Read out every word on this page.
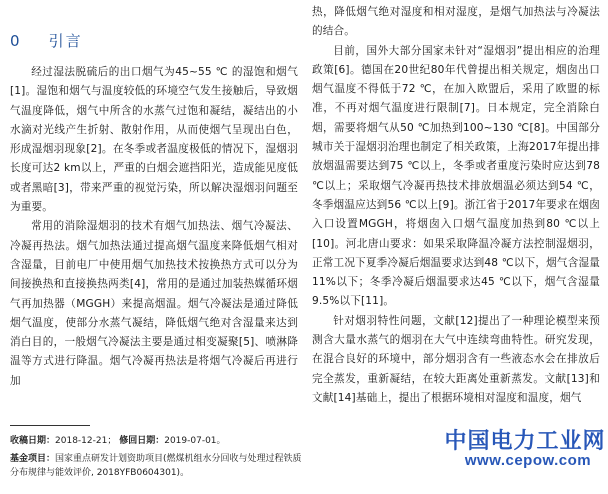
0 引言

经过湿法脱硫后的出口烟气为45~55 ℃ 的湿饱和烟气[1]。湿饱和烟气与温度较低的环境空气发生接触后，导致烟气温度降低，烟气中所含的水蒸气过饱和凝结，凝结出的小水滴对光线产生折射、散射作用，从而使烟气呈现出白色，形成湿烟羽现象[2]。在冬季或者温度极低的情况下，湿烟羽长度可达2 km以上，严重的白烟会遮挡阳光，造成能见度低或者黑暗[3]，带来严重的视觉污染，所以解决湿烟羽问题至为重要。

常用的消除湿烟羽的技术有烟气加热法、烟气冷凝法、冷凝再热法。烟气加热法通过提高烟气温度来降低烟气相对含湿量，目前电厂中使用烟气加热技术按换热方式可以分为间接换热和直接换热两类[4]，常用的是通过加装热媒循环烟气再加热器（MGGH）来提高烟温。烟气冷凝法是通过降低烟气温度，使部分水蒸气凝结，降低烟气绝对含湿量来达到消白目的，一般烟气冷凝法主要是通过相变凝聚[5]、喷淋降温等方式进行降温。烟气冷凝再热法是将烟气冷凝后再进行加

热，降低烟气绝对湿度和相对湿度，是烟气加热法与冷凝法的结合。

目前，国外大部分国家未针对“湿烟羽”提出相应的治理政策[6]。德国在20世纪80年代曾提出相关规定，烟囱出口烟气温度不得低于72 ℃，在加入欧盟后，采用了欧盟的标准，不再对烟气温度进行限制[7]。日本规定，完全消除白烟，需要将烟气从50 ℃加热到100~130 ℃[8]。中国部分城市关于湿烟羽治理也制定了相关政策，上海2017年提出排放烟温需要达到75 ℃以上，冬季或者重度污染时应达到78 ℃以上；采取烟气冷凝再热技术排放烟温必须达到54 ℃，冬季烟温应达到56 ℃以上[9]。浙江省于2017年要求在烟囱入口设置MGGH，将烟囱入口烟气温度加热到80 ℃以上[10]。河北唐山要求：如果采取降温冷凝方法控制湿烟羽，正常工况下夏季冷凝后烟温要求达到48 ℃以下，烟气含湿量11%以下；冬季冷凝后烟温要求达45 ℃以下，烟气含湿量9.5%以下[11]。

针对烟羽特性问题，文献[12]提出了一种理论模型来预测含大量水蒸气的烟羽在大气中连续弯曲特性。研究发现，在混合良好的环境中，部分烟羽含有一些液态水会在排放后完全蒸发，重新凝结，在较大距离处重新蒸发。文献[13]和文献[14]基础上，提出了根据环境相对湿度和温度，烟气

收稿日期：2018-12-21； 修回日期：2019-07-01。
基金项目：国家重点研发计划资助项目(燃煤机组水分回收与处理过程铁质分布规律与能效评价, 2018YFB0604301)。
中国电力工业网
www.cepow.com
